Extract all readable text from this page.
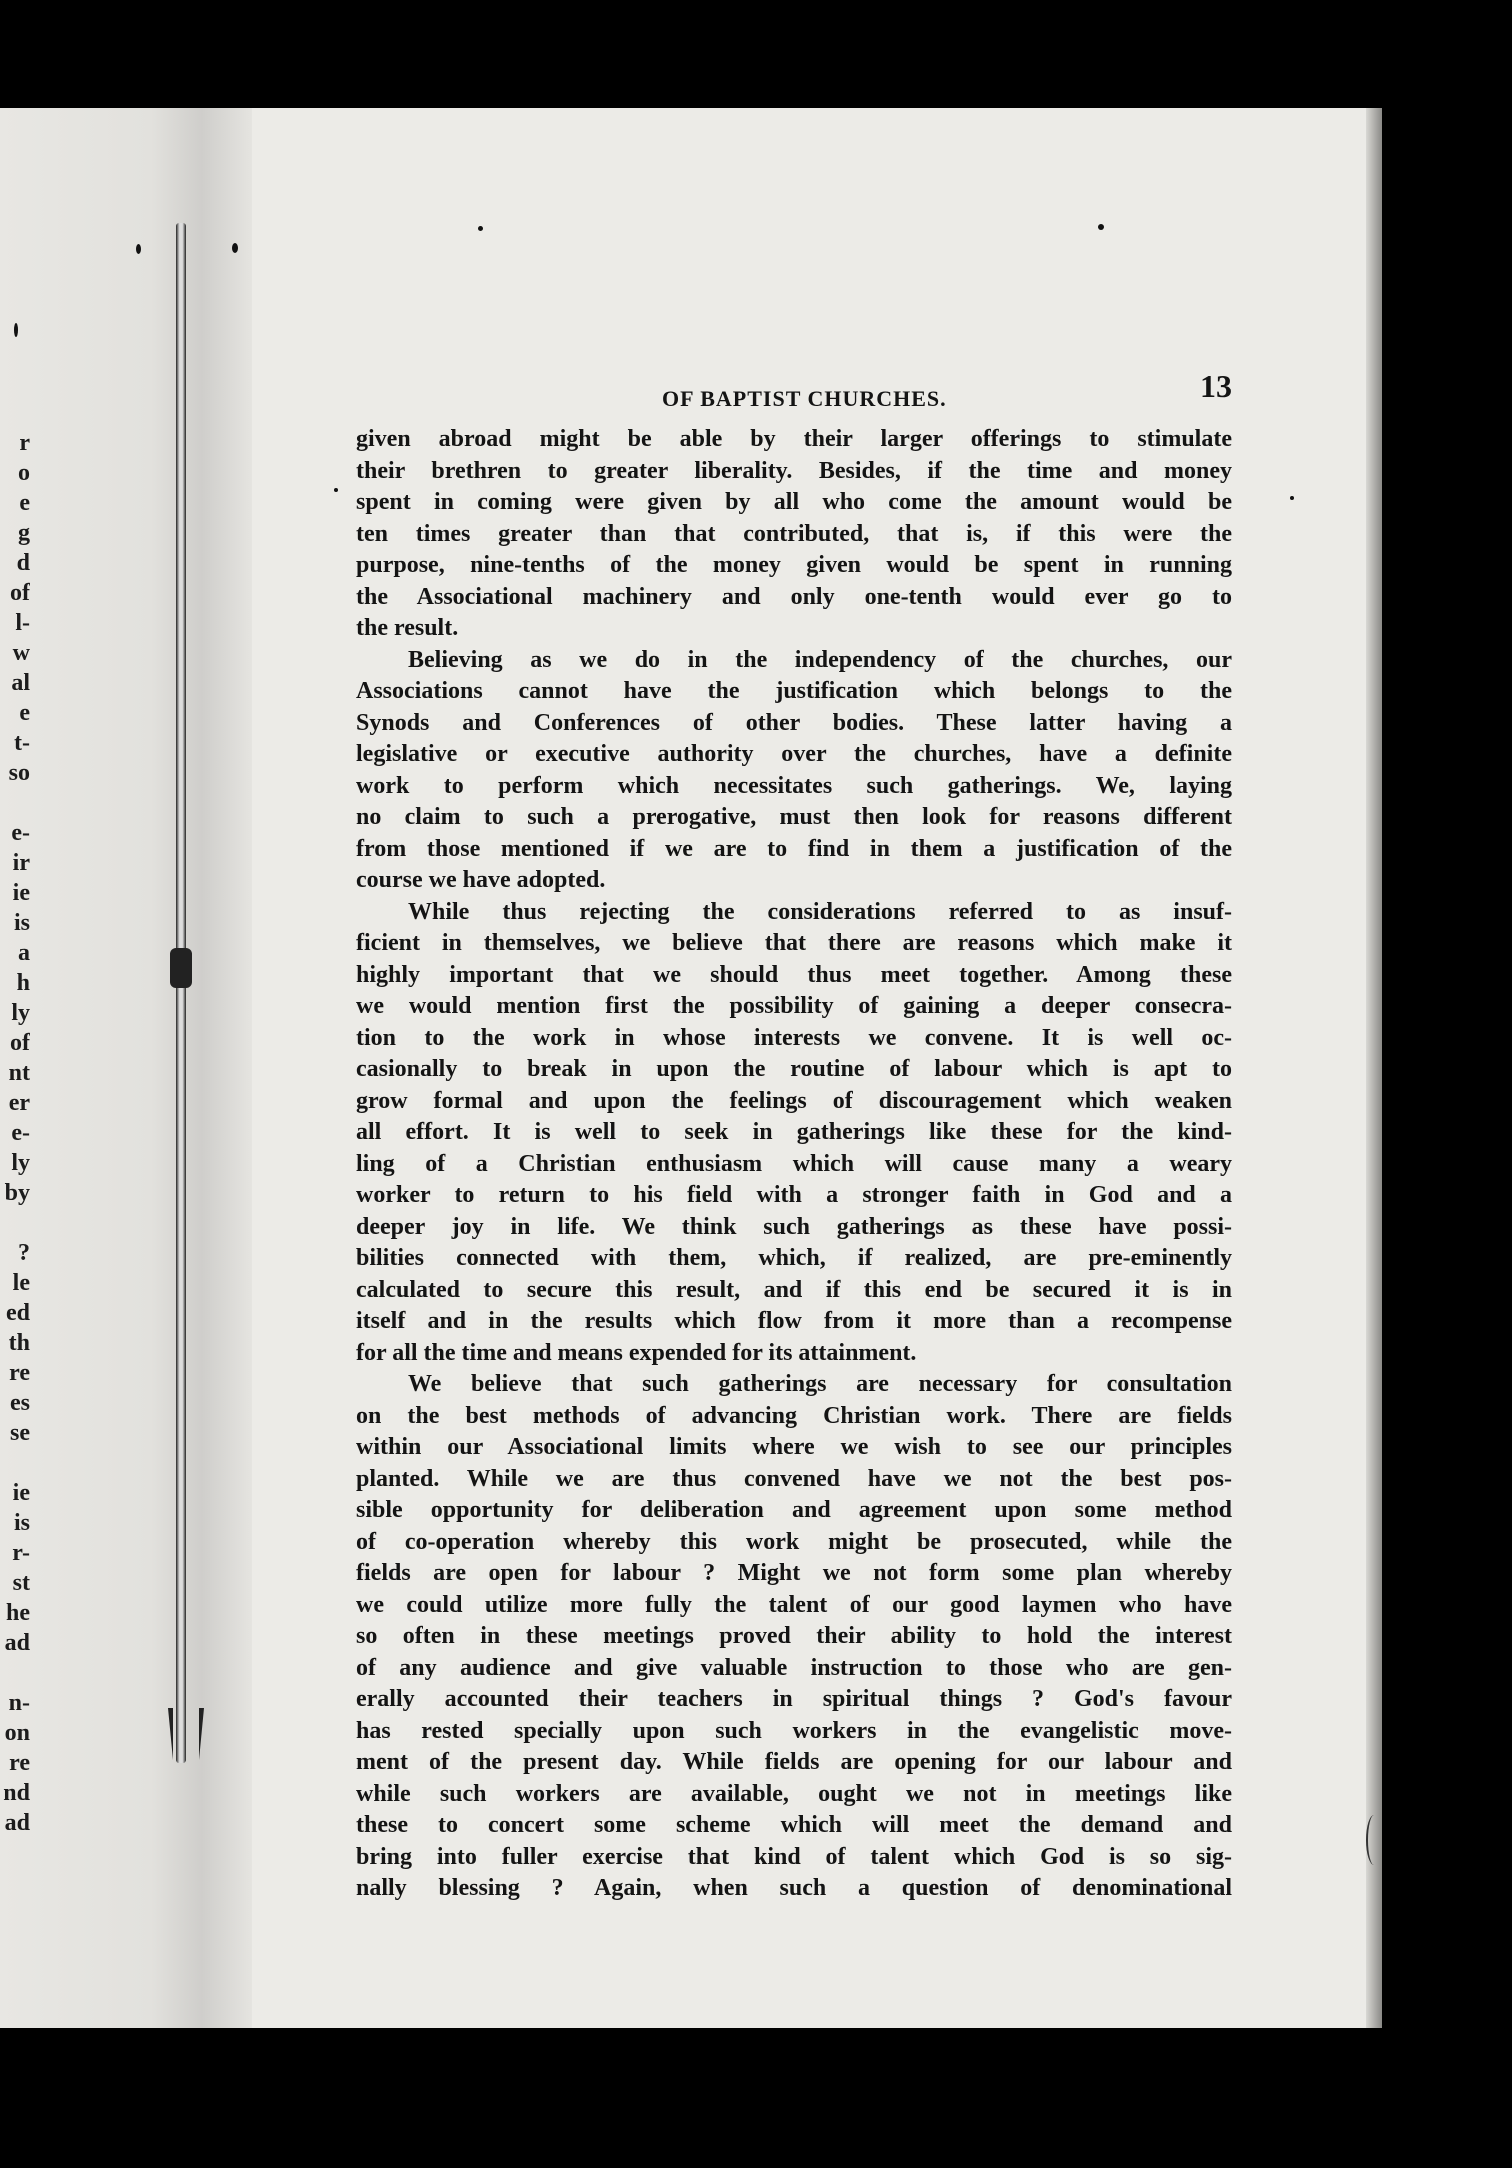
r
o
e
g
d
of
l-
w
al
e
t-
so
e-
ir
ie
is
a
h
ly
of
nt
er
e-
ly
by
?
le
ed
th
re
es
se
ie
is
r-
st
he
ad
n-
on
re
nd
ad
OF BAPTIST CHURCHES.	13
given abroad might be able by their larger offerings to stimulate
their brethren to greater liberality. Besides, if the time and money
spent in coming were given by all who come the amount would be
ten times greater than that contributed, that is, if this were the
purpose, nine-tenths of the money given would be spent in running
the Associational machinery and only one-tenth would ever go to
the result.
Believing as we do in the independency of the churches, our
Associations cannot have the justification which belongs to the
Synods and Conferences of other bodies. These latter having a
legislative or executive authority over the churches, have a definite
work to perform which necessitates such gatherings. We, laying
no claim to such a prerogative, must then look for reasons different
from those mentioned if we are to find in them a justification of the
course we have adopted.
While thus rejecting the considerations referred to as insuf-
ficient in themselves, we believe that there are reasons which make it
highly important that we should thus meet together. Among these
we would mention first the possibility of gaining a deeper consecra-
tion to the work in whose interests we convene. It is well oc-
casionally to break in upon the routine of labour which is apt to
grow formal and upon the feelings of discouragement which weaken
all effort. It is well to seek in gatherings like these for the kind-
ling of a Christian enthusiasm which will cause many a weary
worker to return to his field with a stronger faith in God and a
deeper joy in life. We think such gatherings as these have possi-
bilities connected with them, which, if realized, are pre-eminently
calculated to secure this result, and if this end be secured it is in
itself and in the results which flow from it more than a recompense
for all the time and means expended for its attainment.
We believe that such gatherings are necessary for consultation
on the best methods of advancing Christian work. There are fields
within our Associational limits where we wish to see our principles
planted. While we are thus convened have we not the best pos-
sible opportunity for deliberation and agreement upon some method
of co-operation whereby this work might be prosecuted, while the
fields are open for labour ? Might we not form some plan whereby
we could utilize more fully the talent of our good laymen who have
so often in these meetings proved their ability to hold the interest
of any audience and give valuable instruction to those who are gen-
erally accounted their teachers in spiritual things ? God's favour
has rested specially upon such workers in the evangelistic move-
ment of the present day. While fields are opening for our labour and
while such workers are available, ought we not in meetings like
these to concert some scheme which will meet the demand and
bring into fuller exercise that kind of talent which God is so sig-
nally blessing ? Again, when such a question of denominational
